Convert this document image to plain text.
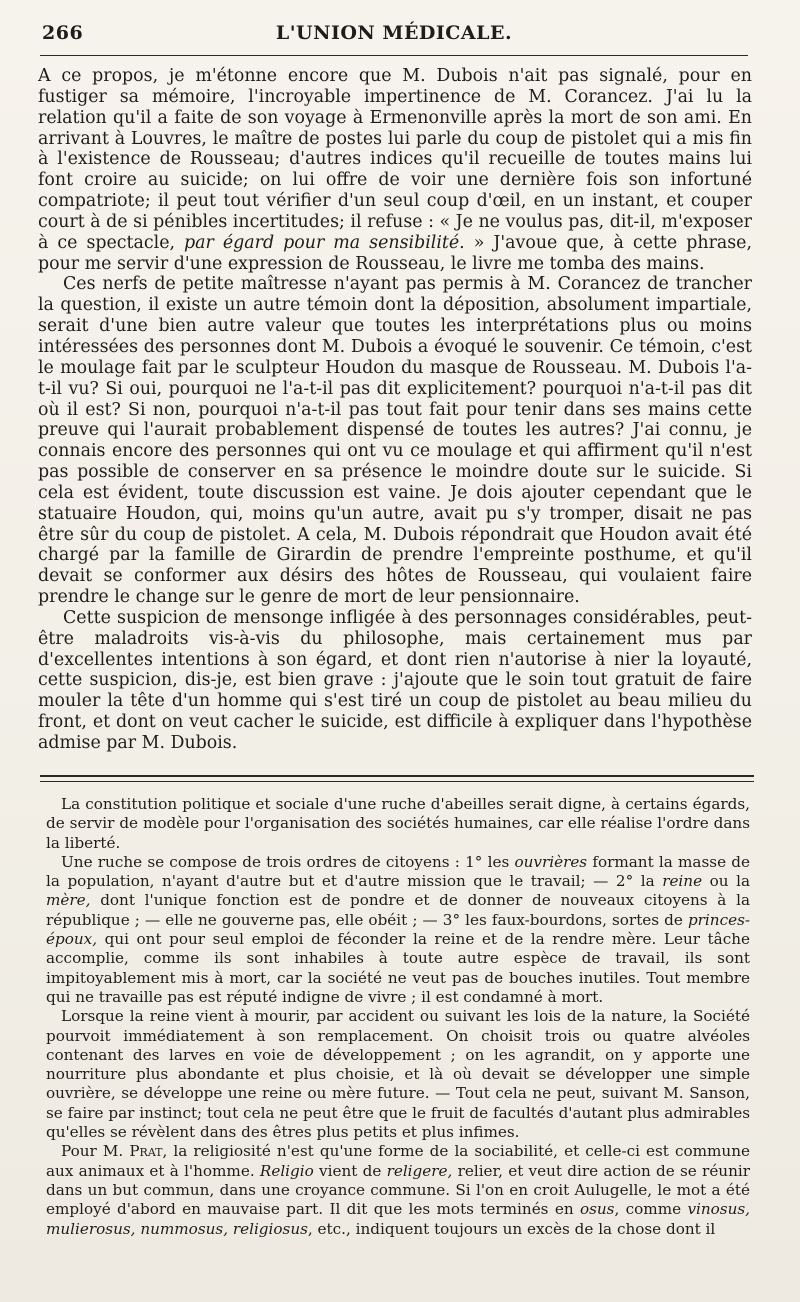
266	L'UNION MÉDICALE.

A ce propos, je m'étonne encore que M. Dubois n'ait pas signalé, pour en fustiger sa mémoire, l'incroyable impertinence de M. Corancez. J'ai lu la relation qu'il a faite de son voyage à Ermenonville après la mort de son ami. En arrivant à Louvres, le maître de postes lui parle du coup de pistolet qui a mis fin à l'existence de Rousseau; d'autres indices qu'il recueille de toutes mains lui font croire au suicide; on lui offre de voir une dernière fois son infortuné compatriote; il peut tout vérifier d'un seul coup d'œil, en un instant, et couper court à de si pénibles incertitudes; il refuse : « Je ne voulus pas, dit-il, m'exposer à ce spectacle, par égard pour ma sensibilité. » J'avoue que, à cette phrase, pour me servir d'une expression de Rousseau, le livre me tomba des mains.

Ces nerfs de petite maîtresse n'ayant pas permis à M. Corancez de trancher la question, il existe un autre témoin dont la déposition, absolument impartiale, serait d'une bien autre valeur que toutes les interprétations plus ou moins intéressées des personnes dont M. Dubois a évoqué le souvenir. Ce témoin, c'est le moulage fait par le sculpteur Houdon du masque de Rousseau. M. Dubois l'a-t-il vu? Si oui, pourquoi ne l'a-t-il pas dit explicitement? pourquoi n'a-t-il pas dit où il est? Si non, pourquoi n'a-t-il pas tout fait pour tenir dans ses mains cette preuve qui l'aurait probablement dispensé de toutes les autres? J'ai connu, je connais encore des personnes qui ont vu ce moulage et qui affirment qu'il n'est pas possible de conserver en sa présence le moindre doute sur le suicide. Si cela est évident, toute discussion est vaine. Je dois ajouter cependant que le statuaire Houdon, qui, moins qu'un autre, avait pu s'y tromper, disait ne pas être sûr du coup de pistolet. A cela, M. Dubois répondrait que Houdon avait été chargé par la famille de Girardin de prendre l'empreinte posthume, et qu'il devait se conformer aux désirs des hôtes de Rousseau, qui voulaient faire prendre le change sur le genre de mort de leur pensionnaire.

Cette suspicion de mensonge infligée à des personnages considérables, peut-être maladroits vis-à-vis du philosophe, mais certainement mus par d'excellentes intentions à son égard, et dont rien n'autorise à nier la loyauté, cette suspicion, dis-je, est bien grave : j'ajoute que le soin tout gratuit de faire mouler la tête d'un homme qui s'est tiré un coup de pistolet au beau milieu du front, et dont on veut cacher le suicide, est difficile à expliquer dans l'hypothèse admise par M. Dubois.

La constitution politique et sociale d'une ruche d'abeilles serait digne, à certains égards, de servir de modèle pour l'organisation des sociétés humaines, car elle réalise l'ordre dans la liberté.

Une ruche se compose de trois ordres de citoyens : 1° les ouvrières formant la masse de la population, n'ayant d'autre but et d'autre mission que le travail; — 2° la reine ou la mère, dont l'unique fonction est de pondre et de donner de nouveaux citoyens à la république ; — elle ne gouverne pas, elle obéit ; — 3° les faux-bourdons, sortes de princes-époux, qui ont pour seul emploi de féconder la reine et de la rendre mère. Leur tâche accomplie, comme ils sont inhabiles à toute autre espèce de travail, ils sont impitoyablement mis à mort, car la société ne veut pas de bouches inutiles. Tout membre qui ne travaille pas est réputé indigne de vivre ; il est condamné à mort.

Lorsque la reine vient à mourir, par accident ou suivant les lois de la nature, la Société pourvoit immédiatement à son remplacement. On choisit trois ou quatre alvéoles contenant des larves en voie de développement ; on les agrandit, on y apporte une nourriture plus abondante et plus choisie, et là où devait se développer une simple ouvrière, se développe une reine ou mère future. — Tout cela ne peut, suivant M. Sanson, se faire par instinct; tout cela ne peut être que le fruit de facultés d'autant plus admirables qu'elles se révèlent dans des êtres plus petits et plus infimes.

Pour M. Prat, la religiosité n'est qu'une forme de la sociabilité, et celle-ci est commune aux animaux et à l'homme. Religio vient de religere, relier, et veut dire action de se réunir dans un but commun, dans une croyance commune. Si l'on en croit Aulugelle, le mot a été employé d'abord en mauvaise part. Il dit que les mots terminés en osus, comme vinosus, mulierosus, nummosus, religiosus, etc., indiquent toujours un excès de la chose dont il
